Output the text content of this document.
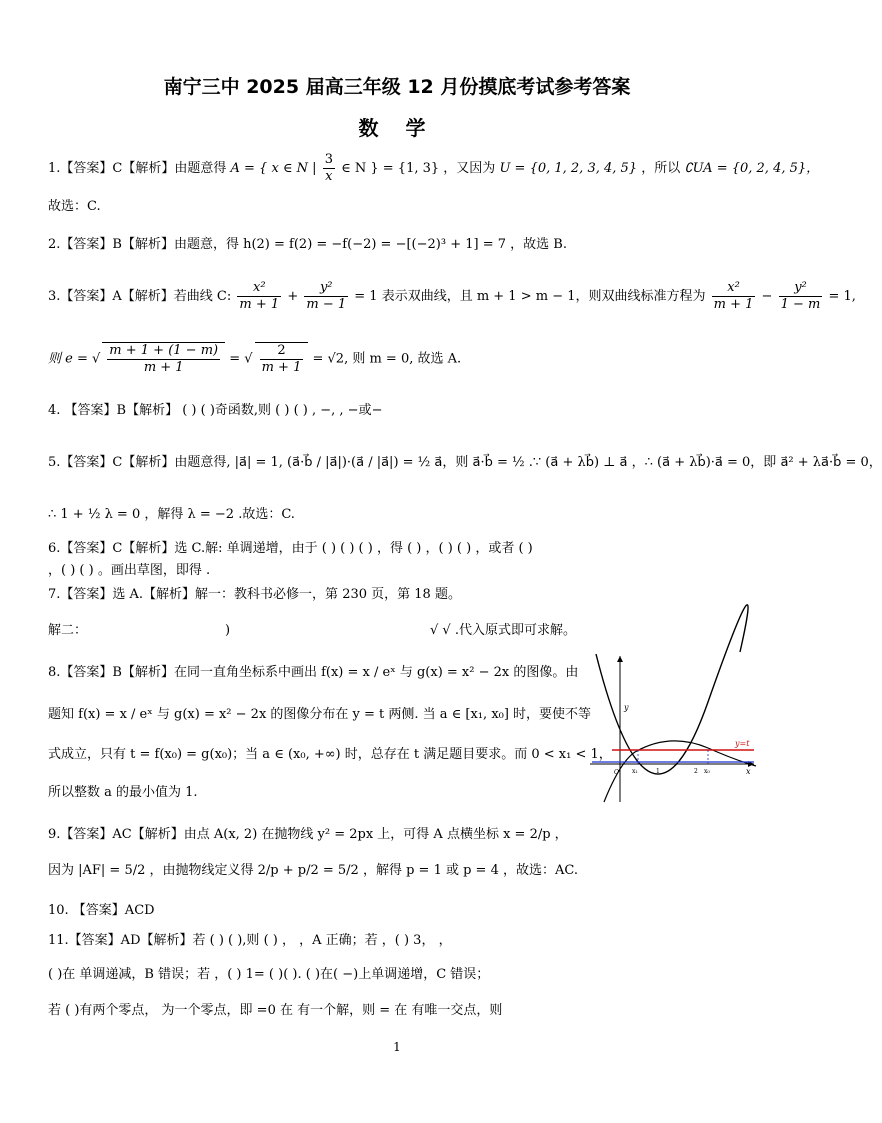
南宁三中 2025 届高三年级 12 月份摸底考试参考答案
数 学
1.【答案】C【解析】由题意得 A = { x ∈ N | $\frac{3}{x}$ ∈ N } = {1, 3} ，又因为 U = {0, 1, 2, 3, 4, 5} ，所以 ∁UA = {0, 2, 4, 5}，
故选：C.
2.【答案】B【解析】由题意，得 h(2) = f(2) = −f(−2) = −[(−2)³ + 1] = 7 ，故选 B.
3.【答案】A【解析】若曲线 C: $\frac{\text{x²}}{m + 1} + \frac{\text{y²}}{m - 1} = 1$ 表示双曲线，且 m + 1 > m − 1，则双曲线标准方程为 $\frac{\text{x²}}{m + 1} - \frac{\text{y²}}{1 - m} = 1$,
则 e = √ $\frac{m + 1 + (1 - m)}{m + 1}$ = √ $\frac{2}{m + 1} = √2$, 则 m = 0, 故选 A.
4. 【答案】B【解析】 ( ) ( )奇函数,则 ( ) ( ) , −, , −或−
5.【答案】C【解析】由题意得, |a⃗| = 1, (a⃗·b⃗ / |a⃗|)·(a⃗ / |a⃗|) = ½ a⃗，则 a⃗·b⃗ = ½ .∵ (a⃗ + λb⃗) ⊥ a⃗ ，∴ (a⃗ + λb⃗)·a⃗ = 0，即 a⃗² + λa⃗·b⃗ = 0，
∴ 1 + ½ λ = 0 ，解得 λ = −2 .故选：C.
6.【答案】C【解析】选 C.解: 单调递增，由于 ( ) ( ) ( ) ，得 ( ) ，( ) ( ) ，或者 ( )
，( ) ( ) 。画出草图，即得 .
7.【答案】选 A.【解析】解一：教科书必修一，第 230 页，第 18 题。
解二：	)	√ √ .代入原式即可求解。
8.【答案】B【解析】在同一直角坐标系中画出 f(x) = x / eˣ 与 g(x) = x² − 2x 的图像。由
题知 f(x) = x / eˣ 与 g(x) = x² − 2x 的图像分布在 y = t 两侧. 当 a ∈ [x₁, x₀] 时，要使不等
式成立，只有 t = f(x₀) = g(x₀)；当 a ∈ (x₀, +∞) 时，总存在 t 满足题目要求。而 0 < x₁ < 1，
所以整数 a 的最小值为 1.
y
x
y=t
x₁	1	2 x₀
O
9.【答案】AC【解析】由点 A(x, 2) 在抛物线 y² = 2px 上，可得 A 点横坐标 x = 2/p ，
因为 |AF| = 5/2 ，由抛物线定义得 2/p + p/2 = 5/2 ，解得 p = 1 或 p = 4 ，故选：AC.
10. 【答案】ACD
11.【答案】AD【解析】若 ( ) ( ),则 ( ) ， ，A 正确；若 ，( ) 3， ，
( )在 单调递减，B 错误；若 ，( ) 1= ( )( ). ( )在( −)上单调递增，C 错误；
若 ( )有两个零点， 为一个零点，即 =0 在 有一个解，则 = 在 有唯一交点，则
1
